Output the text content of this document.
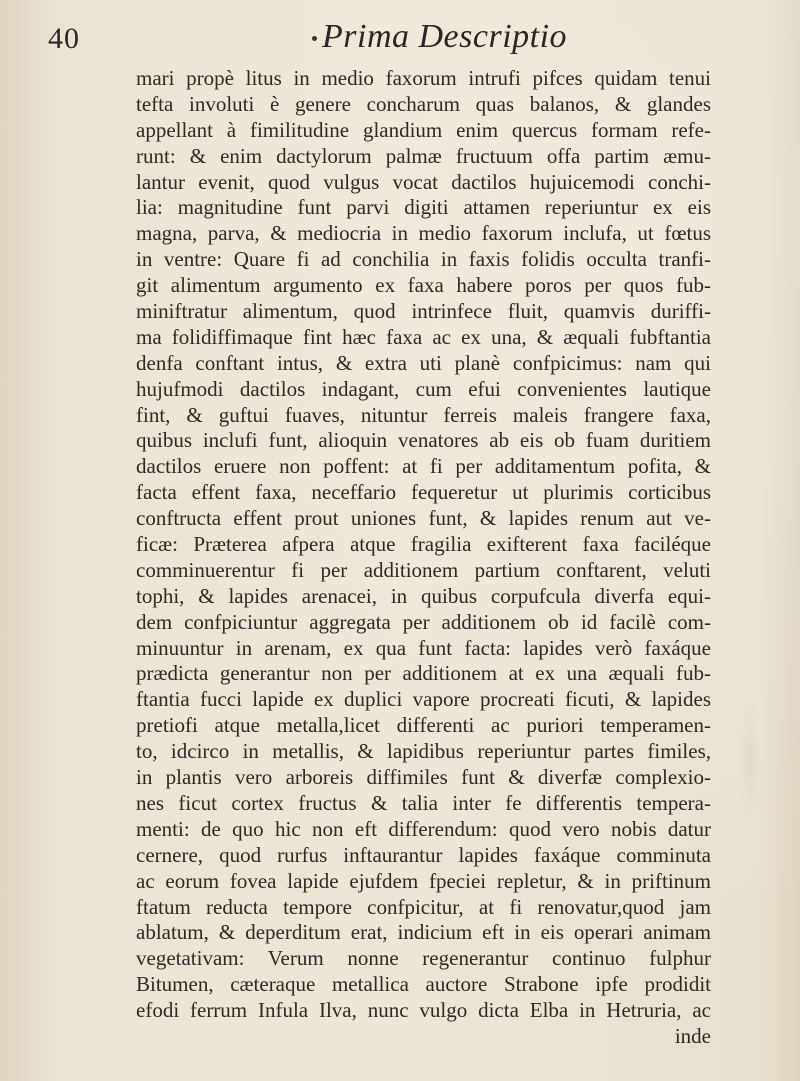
40	Prima Descriptio
mari propè litus in medio faxorum intrufi pifces quidam tenui
tefta involuti è genere concharum quas balanos, & glandes
appellant à fimilitudine glandium enim quercus formam refe-
runt: & enim dactylorum palmæ fructuum offa partim æmu-
lantur evenit, quod vulgus vocat dactilos hujuicemodi conchi-
lia: magnitudine funt parvi digiti attamen reperiuntur ex eis
magna, parva, & mediocria in medio faxorum inclufa, ut fœtus
in ventre: Quare fi ad conchilia in faxis folidis occulta tranfi-
git alimentum argumento ex faxa habere poros per quos fub-
miniftratur alimentum, quod intrinfece fluit, quamvis duriffi-
ma folidiffimaque fint hæc faxa ac ex una, & æquali fubftantia
denfa conftant intus, & extra uti planè confpicimus: nam qui
hujufmodi dactilos indagant, cum efui convenientes lautique
fint, & guftui fuaves, nituntur ferreis maleis frangere faxa,
quibus inclufi funt, alioquin venatores ab eis ob fuam duritiem
dactilos eruere non poffent: at fi per additamentum pofita, &
facta effent faxa, neceffario fequeretur ut plurimis corticibus
conftructa effent prout uniones funt, & lapides renum aut ve-
ficæ: Præterea afpera atque fragilia exifterent faxa faciléque
comminuerentur fi per additionem partium conftarent, veluti
tophi, & lapides arenacei, in quibus corpufcula diverfa equi-
dem confpiciuntur aggregata per additionem ob id facilè com-
minuuntur in arenam, ex qua funt facta: lapides verò faxáque
prædicta generantur non per additionem at ex una æquali fub-
ftantia fucci lapide ex duplici vapore procreati ficuti, & lapides
pretiofi atque metalla,licet differenti ac puriori temperamen-
to, idcirco in metallis, & lapidibus reperiuntur partes fimiles,
in plantis vero arboreis diffimiles funt & diverfæ complexio-
nes ficut cortex fructus & talia inter fe differentis tempera-
menti: de quo hic non eft differendum: quod vero nobis datur
cernere, quod rurfus inftaurantur lapides faxáque comminuta
ac eorum fovea lapide ejufdem fpeciei repletur, & in priftinum
ftatum reducta tempore confpicitur, at fi renovatur,quod jam
ablatum, & deperditum erat, indicium eft in eis operari animam
vegetativam: Verum nonne regenerantur continuo fulphur
Bitumen, cæteraque metallica auctore Strabone ipfe prodidit
efodi ferrum Infula Ilva, nunc vulgo dicta Elba in Hetruria, ac
inde
